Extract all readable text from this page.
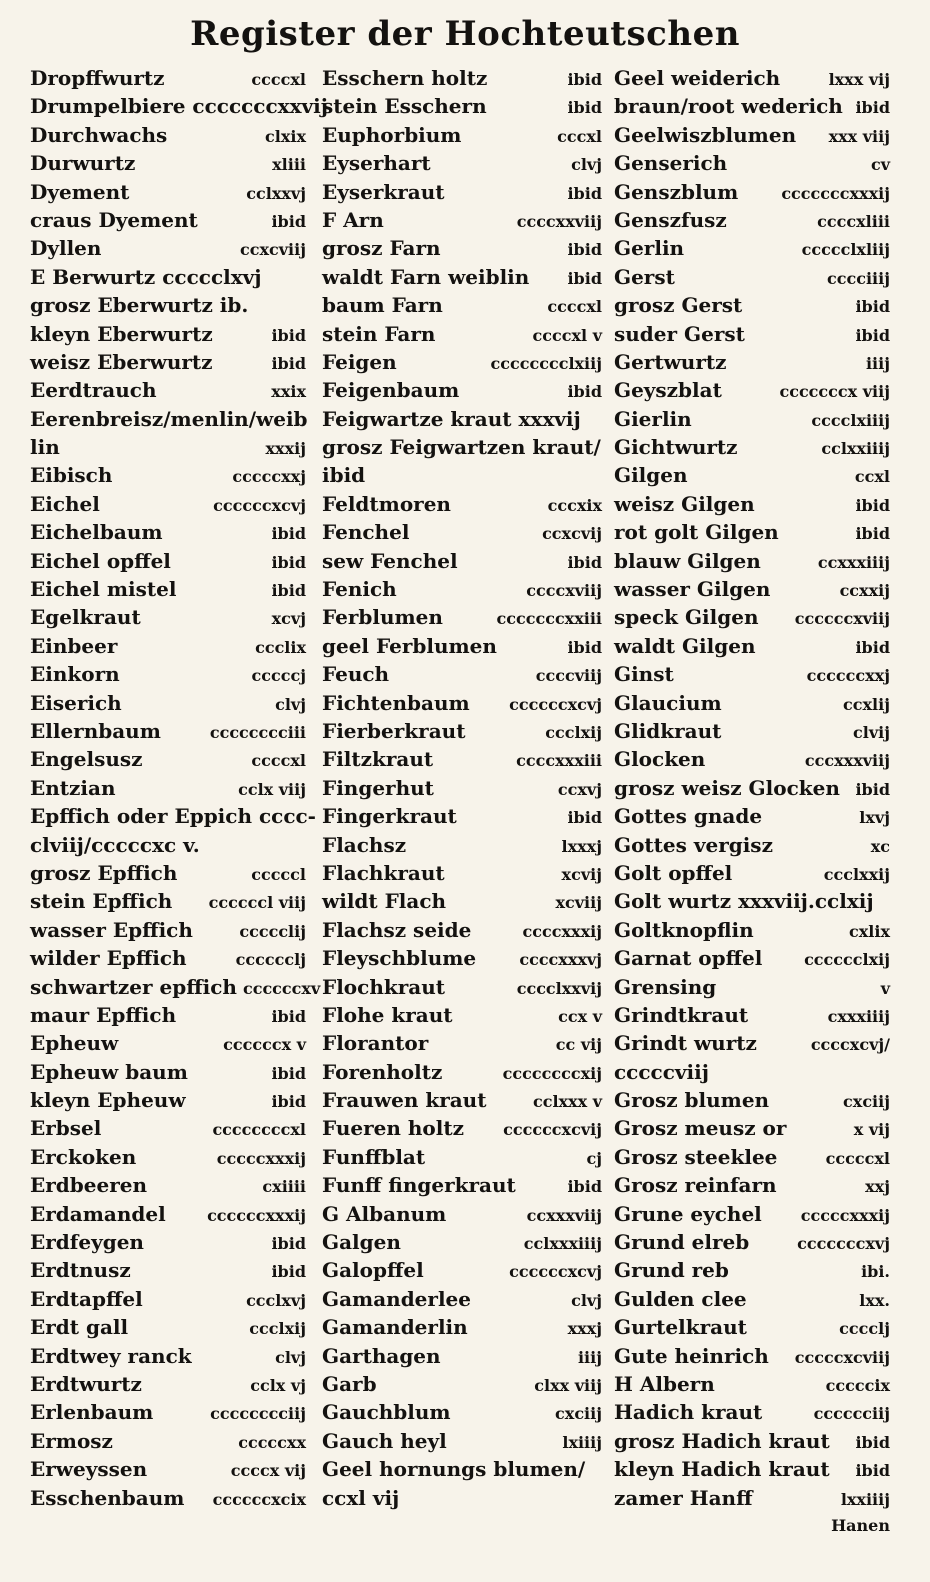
Register der Hochteutschen
Dropffwurtz	ccccxl
Drumpelbiere cccccccxxvij
Durchwachs	clxix
Durwurtz	xliii
Dyement	cclxxvj
craus Dyement	ibid
Dyllen	ccxcviij
E Berwurtz ccccclxvj
grosz Eberwurtz ib.
kleyn Eberwurtz	ibid
weisz Eberwurtz	ibid
Eerdtrauch	xxix
Eerenbreisz/menlin/weib
lin	xxxij
Eibisch	cccccxxj
Eichel	ccccccxcvj
Eichelbaum	ibid
Eichel opffel	ibid
Eichel mistel	ibid
Egelkraut	xcvj
Einbeer	ccclix
Einkorn	cccccj
Eiserich	clvj
Ellernbaum	cccccccciii
Engelsusz	ccccxl
Entzian	cclx viij
Epffich oder Eppich cccc-
clviij/cccccxc v.
grosz Epffich	cccccl
stein Epffich	ccccccl viij
wasser Epffich	ccccclij
wilder Epffich	cccccclj
schwartzer epffich ccccccxv
maur Epffich	ibid
Epheuw	ccccccx v
Epheuw baum	ibid
kleyn Epheuw	ibid
Erbsel	ccccccccxl
Erckoken	cccccxxxij
Erdbeeren	cxiiii
Erdamandel	ccccccxxxij
Erdfeygen	ibid
Erdtnusz	ibid
Erdtapffel	ccclxvj
Erdt gall	ccclxij
Erdtwey ranck	clvj
Erdtwurtz	cclx vj
Erlenbaum	cccccccciij
Ermosz	cccccxx
Erweyssen	ccccx vij
Esschenbaum	ccccccxcix
Esschern holtz	ibid
stein Esschern	ibid
Euphorbium	cccxl
Eyserhart	clvj
Eyserkraut	ibid
F Arn	ccccxxviij
grosz Farn	ibid
waldt Farn weiblin	ibid
baum Farn	ccccxl
stein Farn	ccccxl v
Feigen	cccccccclxiij
Feigenbaum	ibid
Feigwartze kraut xxxvij
grosz Feigwartzen kraut/
ibid
Feldtmoren	cccxix
Fenchel	ccxcvij
sew Fenchel	ibid
Fenich	ccccxviij
Ferblumen	cccccccxxiii
geel Ferblumen	ibid
Feuch	ccccviij
Fichtenbaum	ccccccxcvj
Fierberkraut	ccclxij
Filtzkraut	ccccxxxiii
Fingerhut	ccxvj
Fingerkraut	ibid
Flachsz	lxxxj
Flachkraut	xcvij
wildt Flach	xcviij
Flachsz seide	ccccxxxij
Fleyschblume	ccccxxxvj
Flochkraut	cccclxxvij
Flohe kraut	ccx v
Florantor	cc vij
Forenholtz	ccccccccxij
Frauwen kraut	cclxxx v
Fueren holtz	ccccccxcvij
Funffblat	cj
Funff fingerkraut	ibid
G Albanum	ccxxxviij
Galgen	cclxxxiiij
Galopffel	ccccccxcvj
Gamanderlee	clvj
Gamanderlin	xxxj
Garthagen	iiij
Garb	clxx viij
Gauchblum	cxciij
Gauch heyl	lxiiij
Geel hornungs blumen/
ccxl vij
Geel weiderich	lxxx vij
braun/root wederich ibid
Geelwiszblumen	xxx viij
Genserich	cv
Genszblum	cccccccxxxij
Genszfusz	ccccxliii
Gerlin	ccccclxliij
Gerst	cccciiij
grosz Gerst	ibid
suder Gerst	ibid
Gertwurtz	iiij
Geyszblat	cccccccx viij
Gierlin	cccclxiiij
Gichtwurtz	cclxxiiij
Gilgen	ccxl
weisz Gilgen	ibid
rot golt Gilgen	ibid
blauw Gilgen	ccxxxiiij
wasser Gilgen	ccxxij
speck Gilgen	ccccccxviij
waldt Gilgen	ibid
Ginst	ccccccxxj
Glaucium	ccxlij
Glidkraut	clvij
Glocken	cccxxxviij
grosz weisz Glocken ibid
Gottes gnade	lxvj
Gottes vergisz	xc
Golt opffel	ccclxxij
Golt wurtz xxxviij.cclxij
Goltknopflin	cxlix
Garnat opffel	cccccclxij
Grensing	v
Grindtkraut	cxxxiiij
Grindt wurtz	ccccxcvj/
cccccviij
Grosz blumen	cxciij
Grosz meusz or	x vij
Grosz steeklee	cccccxl
Grosz reinfarn	xxj
Grune eychel	cccccxxxij
Grund elreb	cccccccxvj
Grund reb	ibi.
Gulden clee	lxx.
Gurtelkraut	cccclj
Gute heinrich	cccccxcviij
H Albern	cccccix
Hadich kraut	cccccciij
grosz Hadich kraut	ibid
kleyn Hadich kraut	ibid
zamer Hanff	lxxiiij
Hanen
